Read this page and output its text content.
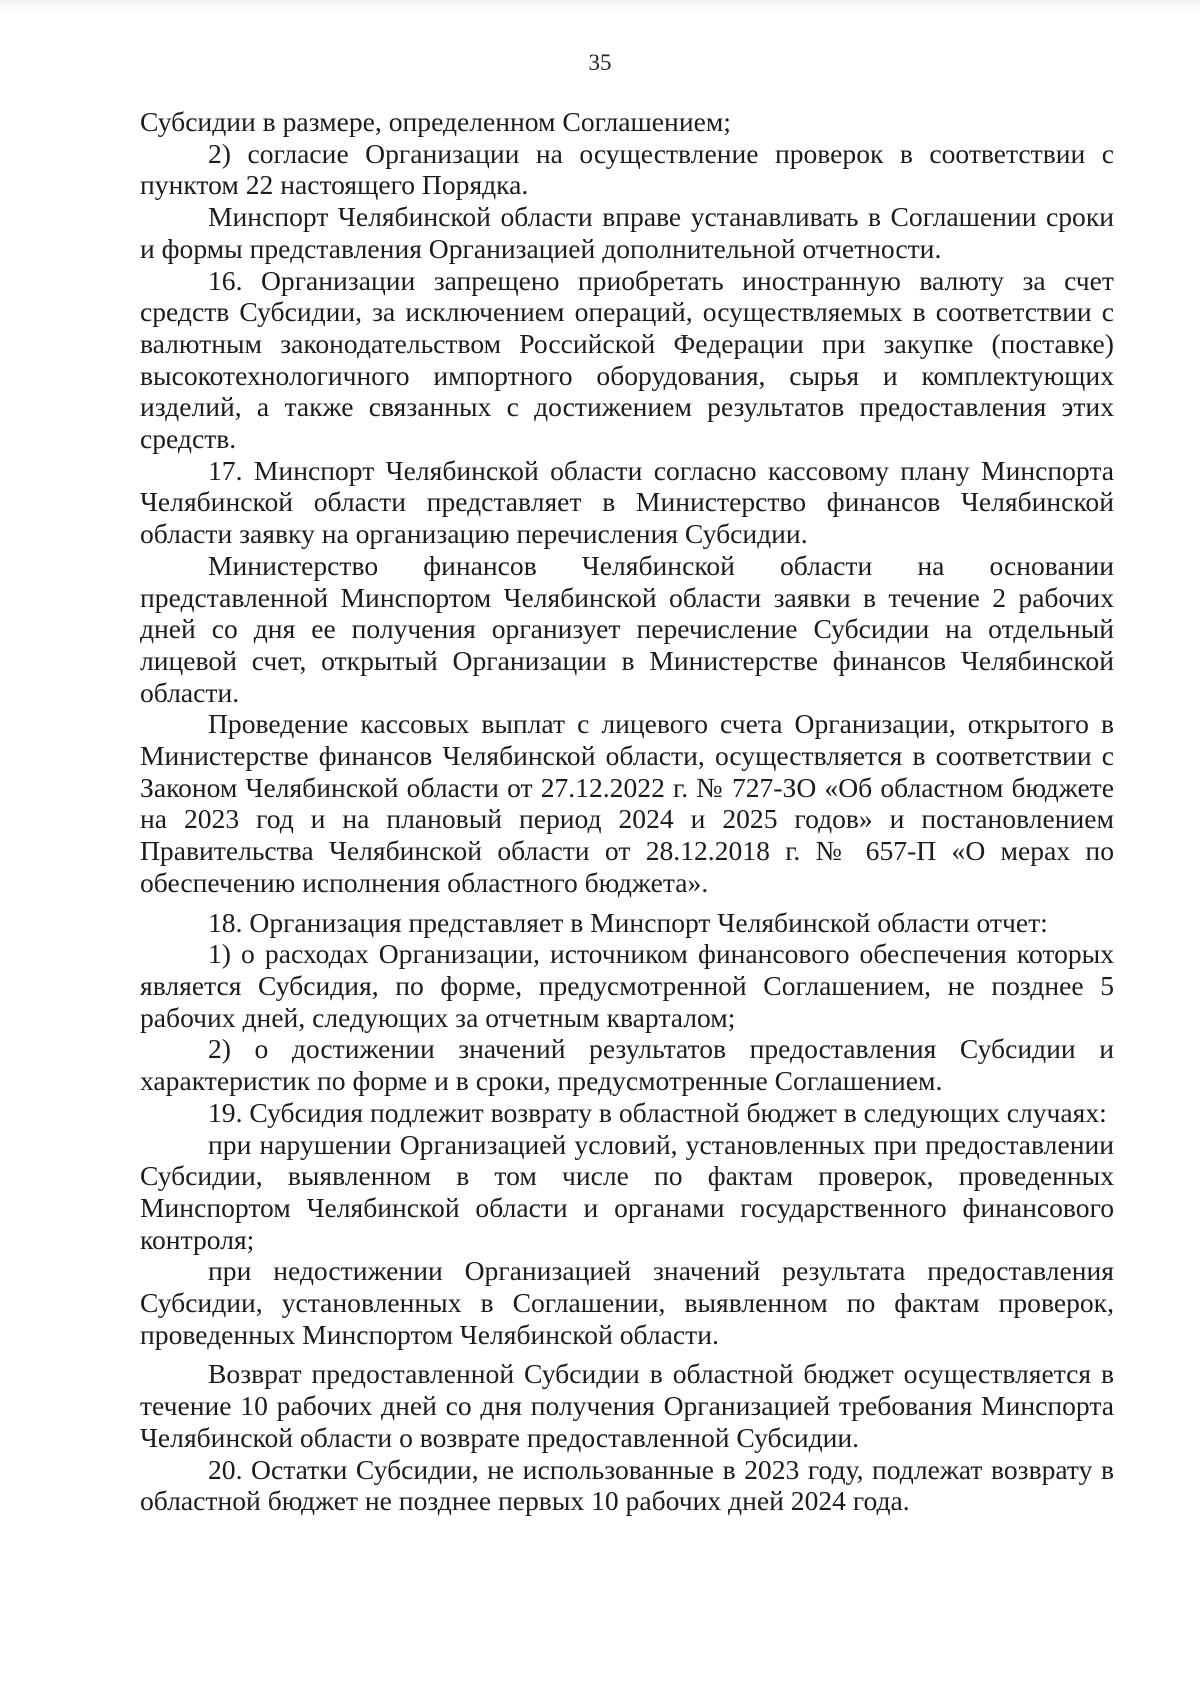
35

Субсидии в размере, определенном Соглашением;

2) согласие Организации на осуществление проверок в соответствии с пунктом 22 настоящего Порядка.

Минспорт Челябинской области вправе устанавливать в Соглашении сроки и формы представления Организацией дополнительной отчетности.

16. Организации запрещено приобретать иностранную валюту за счет средств Субсидии, за исключением операций, осуществляемых в соответствии с валютным законодательством Российской Федерации при закупке (поставке) высокотехнологичного импортного оборудования, сырья и комплектующих изделий, а также связанных с достижением результатов предоставления этих средств.

17. Минспорт Челябинской области согласно кассовому плану Минспорта Челябинской области представляет в Министерство финансов Челябинской области заявку на организацию перечисления Субсидии.

Министерство финансов Челябинской области на основании представленной Минспортом Челябинской области заявки в течение 2 рабочих дней со дня ее получения организует перечисление Субсидии на отдельный лицевой счет, открытый Организации в Министерстве финансов Челябинской области.

Проведение кассовых выплат с лицевого счета Организации, открытого в Министерстве финансов Челябинской области, осуществляется в соответствии с Законом Челябинской области от 27.12.2022 г. № 727-ЗО «Об областном бюджете на 2023 год и на плановый период 2024 и 2025 годов» и постановлением Правительства Челябинской области от 28.12.2018 г. № 657-П «О мерах по обеспечению исполнения областного бюджета».

18. Организация представляет в Минспорт Челябинской области отчет:

1) о расходах Организации, источником финансового обеспечения которых является Субсидия, по форме, предусмотренной Соглашением, не позднее 5 рабочих дней, следующих за отчетным кварталом;

2) о достижении значений результатов предоставления Субсидии и характеристик по форме и в сроки, предусмотренные Соглашением.

19. Субсидия подлежит возврату в областной бюджет в следующих случаях:

при нарушении Организацией условий, установленных при предоставлении Субсидии, выявленном в том числе по фактам проверок, проведенных Минспортом Челябинской области и органами государственного финансового контроля;

при недостижении Организацией значений результата предоставления Субсидии, установленных в Соглашении, выявленном по фактам проверок, проведенных Минспортом Челябинской области.

Возврат предоставленной Субсидии в областной бюджет осуществляется в течение 10 рабочих дней со дня получения Организацией требования Минспорта Челябинской области о возврате предоставленной Субсидии.

20. Остатки Субсидии, не использованные в 2023 году, подлежат возврату в областной бюджет не позднее первых 10 рабочих дней 2024 года.
